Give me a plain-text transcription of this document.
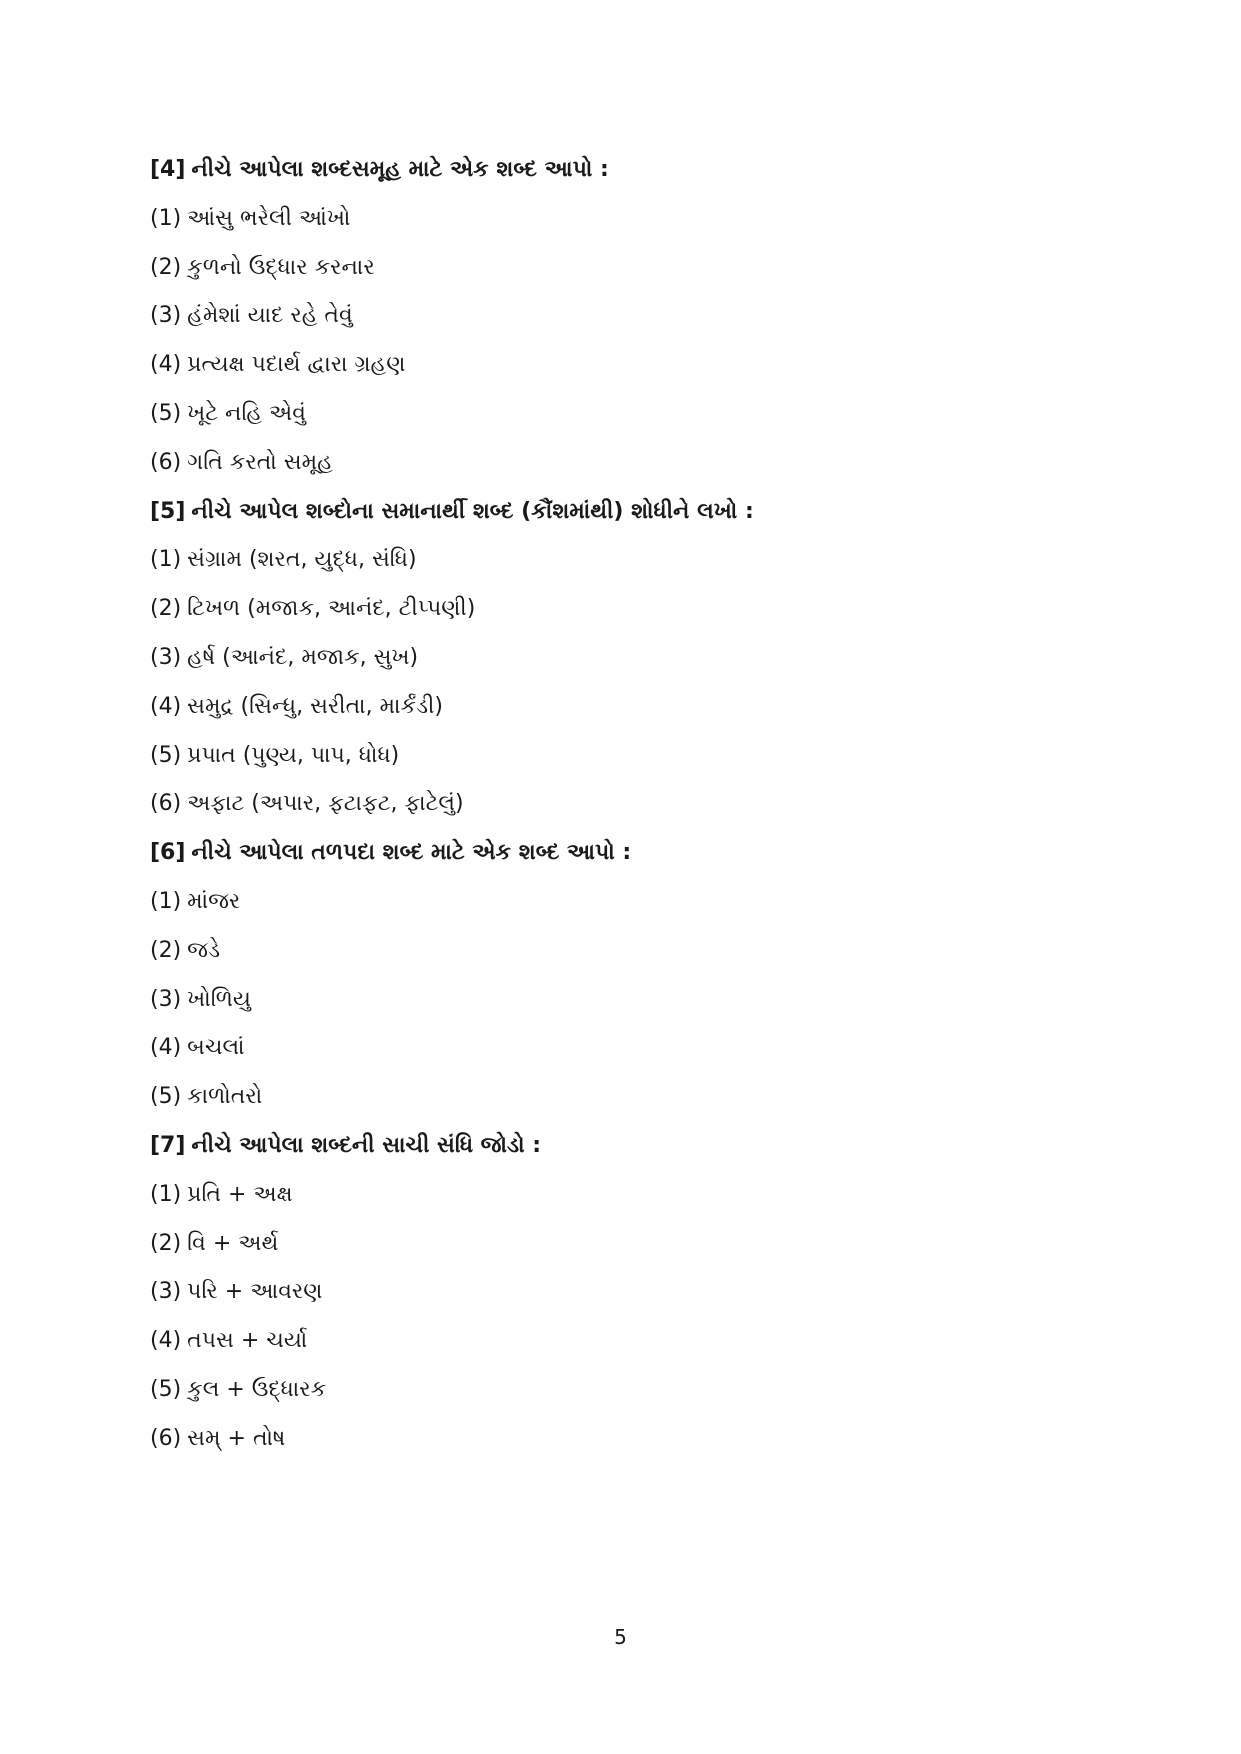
[4] નીચે આપેલા શબ્દસમૂહ માટે એક શબ્દ આપો :
(1) આંસુ ભરેલી આંખો
(2) કુળનો ઉદ્ધાર કરનાર
(3) હંમેશાં યાદ રહે તેવું
(4) પ્રત્યક્ષ પદાર્થ દ્વારા ગ્રહણ
(5) ખૂટે નહિ એવું
(6) ગતિ કરતો સમૂહ
[5] નીચે આપેલ શબ્દોના સમાનાર્થી શબ્દ (કૌંશમાંથી) શોધીને લખો :
(1) સંગ્રામ (શરત, યુદ્ધ, સંધિ)
(2) ટિખળ (મજાક, આનંદ, ટીપ્પણી)
(3) હર્ષ (આનંદ, મજાક, સુખ)
(4) સમુદ્ર (સિન્ધુ, સરીતા, માર્કંડી)
(5) પ્રપાત (પુણ્ય, પાપ, ધોધ)
(6) અફાટ (અપાર, ફટાફટ, ફાટેલું)
[6] નીચે આપેલા તળપદા શબ્દ માટે એક શબ્દ આપો :
(1) માંજર
(2) જડે
(3) ખોળિયુ
(4) બચલાં
(5) કાળોતરો
[7] નીચે આપેલા શબ્દની સાચી સંધિ જોડો :
(1) પ્રતિ + અક્ષ
(2) વિ + અર્થ
(3) પરિ + આવરણ
(4) તપસ + ચર્યા
(5) કુલ + ઉદ્ધારક
(6) સમ્ + તોષ
5
